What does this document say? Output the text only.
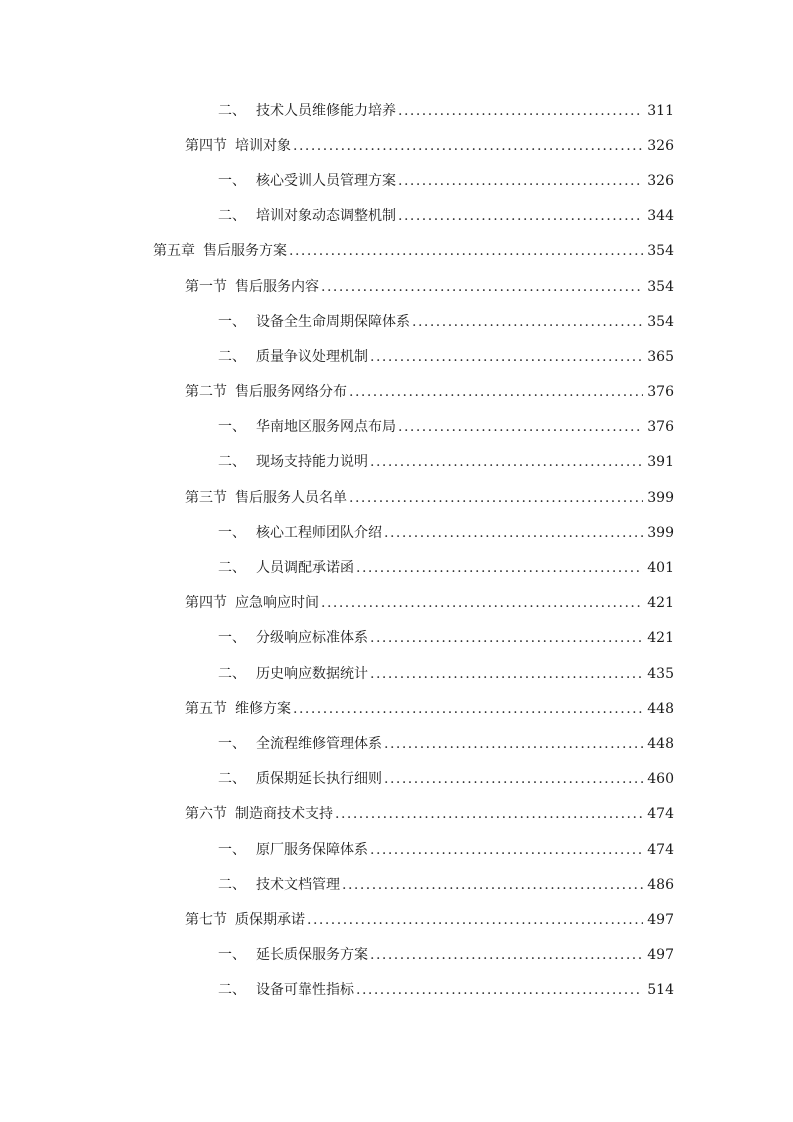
二、 技术人员维修能力培养 .....	311
第四节 培训对象 .....	326
一、 核心受训人员管理方案 .....	326
二、 培训对象动态调整机制 .....	344
第五章 售后服务方案 .....	354
第一节 售后服务内容 .....	354
一、 设备全生命周期保障体系 .....	354
二、 质量争议处理机制 .....	365
第二节 售后服务网络分布 .....	376
一、 华南地区服务网点布局 .....	376
二、 现场支持能力说明 .....	391
第三节 售后服务人员名单 .....	399
一、 核心工程师团队介绍 .....	399
二、 人员调配承诺函 .....	401
第四节 应急响应时间 .....	421
一、 分级响应标准体系 .....	421
二、 历史响应数据统计 .....	435
第五节 维修方案 .....	448
一、 全流程维修管理体系 .....	448
二、 质保期延长执行细则 .....	460
第六节 制造商技术支持 .....	474
一、 原厂服务保障体系 .....	474
二、 技术文档管理 .....	486
第七节 质保期承诺 .....	497
一、 延长质保服务方案 .....	497
二、 设备可靠性指标 .....	514
